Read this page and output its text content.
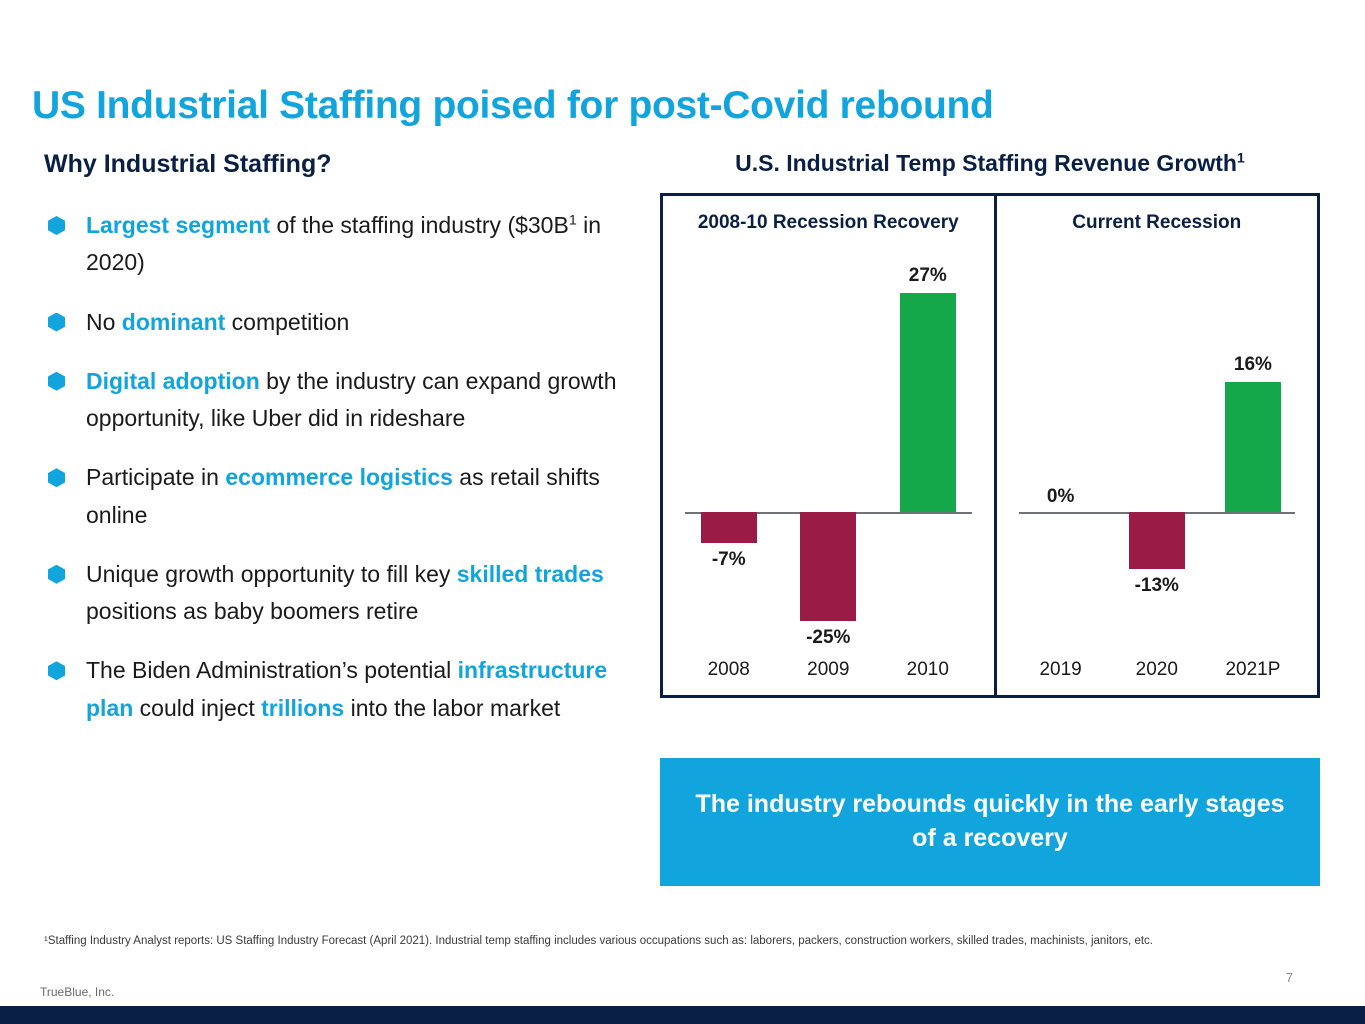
US Industrial Staffing poised for post-Covid rebound
Why Industrial Staffing?
Largest segment of the staffing industry ($\$30B^1$ in 2020)
No dominant competition
Digital adoption by the industry can expand growth opportunity, like Uber did in rideshare
Participate in ecommerce logistics as retail shifts online
Unique growth opportunity to fill key skilled trades positions as baby boomers retire
The Biden Administration’s potential infrastructure plan could inject trillions into the labor market
U.S. Industrial Temp Staffing Revenue Growth$^1$
2008-10 Recession Recovery
-7%
-25%
27%
2008	2009	2010
Current Recession
0%
-13%
16%
2019	2020	2021P
The industry rebounds quickly in the early stages of a recovery
¹Staffing Industry Analyst reports: US Staffing Industry Forecast (April 2021). Industrial temp staffing includes various occupations such as: laborers, packers, construction workers, skilled trades, machinists, janitors, etc.
TrueBlue, Inc.
7
